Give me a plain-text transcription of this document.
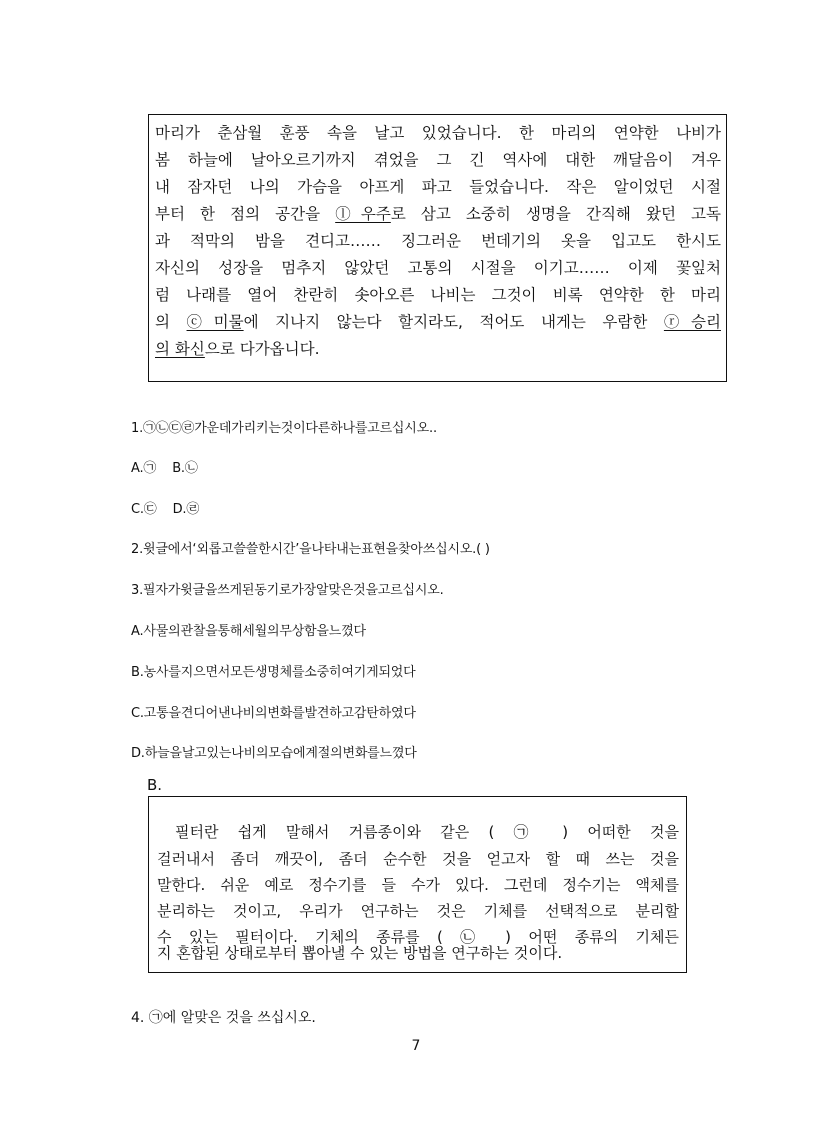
마리가 춘삼월 훈풍 속을 날고 있었습니다. 한 마리의 연약한 나비가
봄 하늘에 날아오르기까지 겪었을 그 긴 역사에 대한 깨달음이 겨우
내 잠자던 나의 가슴을 아프게 파고 들었습니다. 작은 알이었던 시절
부터 한 점의 공간을 ⓛ우주로 삼고 소중히 생명을 간직해 왔던 고독
과 적막의 밤을 견디고…… 징그러운 번데기의 옷을 입고도 한시도
자신의 성장을 멈추지 않았던 고통의 시절을 이기고…… 이제 꽃잎처
럼 나래를 열어 찬란히 솟아오른 나비는 그것이 비록 연약한 한 마리
의 ⓒ미물에 지나지 않는다 할지라도, 적어도 내게는 우람한 ⓡ승리
의 화신으로 다가옵니다.
1.㉠㉡㉢㉣가운데가리키는것이다른하나를고르십시오..
A.㉠ B.㉡
C.㉢ D.㉣
2.윗글에서‘외롭고쓸쓸한시간’을나타내는표현을찾아쓰십시오.( )
3.필자가윗글을쓰게된동기로가장알맞은것을고르십시오.
A.사물의관찰을통해세월의무상함을느꼈다
B.농사를지으면서모든생명체를소중히여기게되었다
C.고통을견디어낸나비의변화를발견하고감탄하였다
D.하늘을날고있는나비의모습에계절의변화를느꼈다
B.
필터란 쉽게 말해서 거름종이와 같은 ( ㉠ ) 어떠한 것을
걸러내서 좀더 깨끗이, 좀더 순수한 것을 얻고자 할 때 쓰는 것을
말한다. 쉬운 예로 정수기를 들 수가 있다. 그런데 정수기는 액체를
분리하는 것이고, 우리가 연구하는 것은 기체를 선택적으로 분리할
수 있는 필터이다. 기체의 종류를 ( ㉡ ) 어떤 종류의 기체든
지 혼합된 상태로부터 뽑아낼 수 있는 방법을 연구하는 것이다.
4. ㉠에 알맞은 것을 쓰십시오.
7
